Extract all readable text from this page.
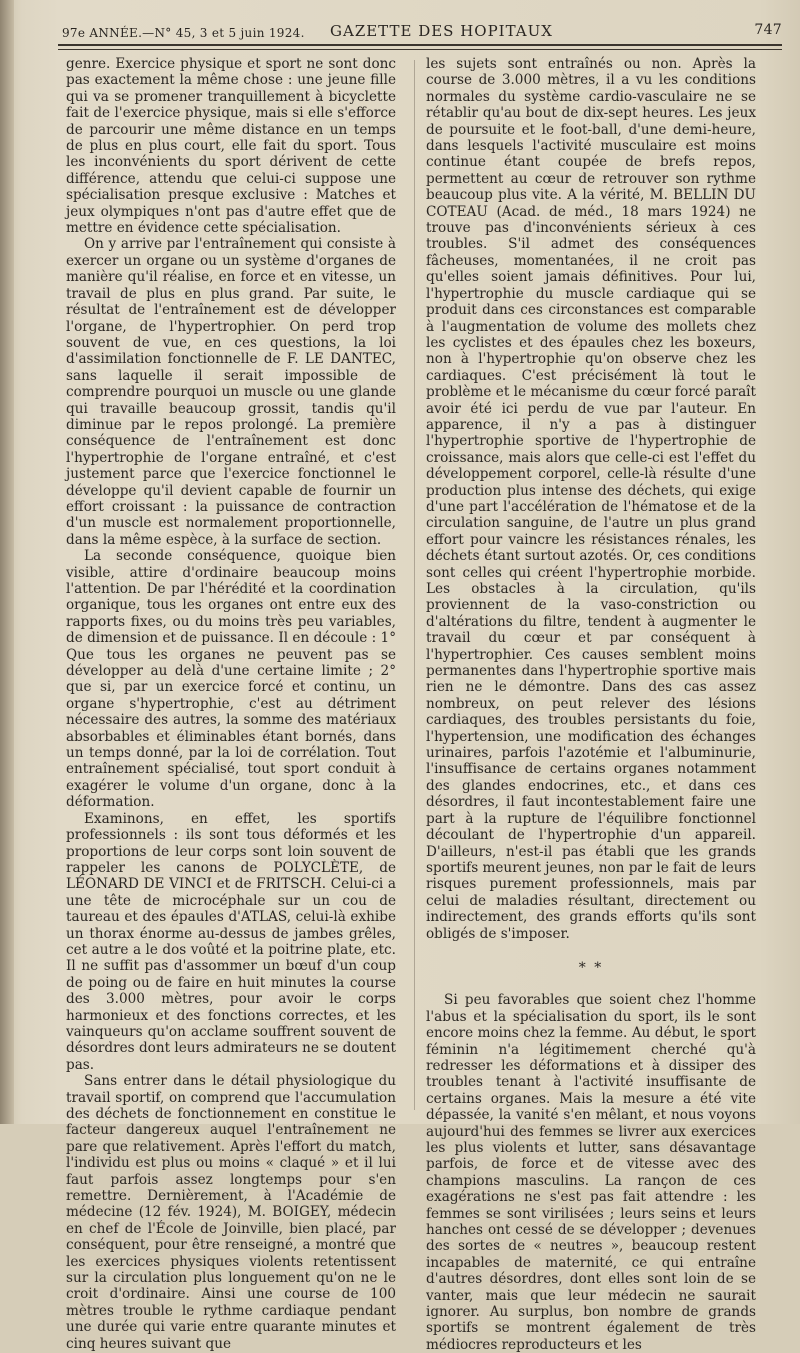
97e ANNÉE.—N° 45, 3 et 5 juin 1924. GAZETTE DES HOPITAUX	747

genre. Exercice physique et sport ne sont donc pas exactement la même chose : une jeune fille qui va se promener tranquillement à bicyclette fait de l'exercice physique, mais si elle s'efforce de parcourir une même distance en un temps de plus en plus court, elle fait du sport. Tous les inconvénients du sport dérivent de cette différence, attendu que celui-ci suppose une spécialisation presque exclusive : Matches et jeux olympiques n'ont pas d'autre effet que de mettre en évidence cette spécialisation.

On y arrive par l'entraînement qui consiste à exercer un organe ou un système d'organes de manière qu'il réalise, en force et en vitesse, un travail de plus en plus grand. Par suite, le résultat de l'entraînement est de développer l'organe, de l'hypertrophier. On perd trop souvent de vue, en ces questions, la loi d'assimilation fonctionnelle de F. LE DANTEC, sans laquelle il serait impossible de comprendre pourquoi un muscle ou une glande qui travaille beaucoup grossit, tandis qu'il diminue par le repos prolongé. La première conséquence de l'entraînement est donc l'hypertrophie de l'organe entraîné, et c'est justement parce que l'exercice fonctionnel le développe qu'il devient capable de fournir un effort croissant : la puissance de contraction d'un muscle est normalement proportionnelle, dans la même espèce, à la surface de section.

La seconde conséquence, quoique bien visible, attire d'ordinaire beaucoup moins l'attention. De par l'hérédité et la coordination organique, tous les organes ont entre eux des rapports fixes, ou du moins très peu variables, de dimension et de puissance. Il en découle : 1° Que tous les organes ne peuvent pas se développer au delà d'une certaine limite ; 2° que si, par un exercice forcé et continu, un organe s'hypertrophie, c'est au détriment nécessaire des autres, la somme des matériaux absorbables et éliminables étant bornés, dans un temps donné, par la loi de corrélation. Tout entraînement spécialisé, tout sport conduit à exagérer le volume d'un organe, donc à la déformation.

Examinons, en effet, les sportifs professionnels : ils sont tous déformés et les proportions de leur corps sont loin souvent de rappeler les canons de POLYCLÈTE, de LÉONARD DE VINCI et de FRITSCH. Celui-ci a une tête de microcéphale sur un cou de taureau et des épaules d'ATLAS, celui-là exhibe un thorax énorme au-dessus de jambes grêles, cet autre a le dos voûté et la poitrine plate, etc. Il ne suffit pas d'assommer un bœuf d'un coup de poing ou de faire en huit minutes la course des 3.000 mètres, pour avoir le corps harmonieux et des fonctions correctes, et les vainqueurs qu'on acclame souffrent souvent de désordres dont leurs admirateurs ne se doutent pas.

Sans entrer dans le détail physiologique du travail sportif, on comprend que l'accumulation des déchets de fonctionnement en constitue le facteur dangereux auquel l'entraînement ne pare que relativement. Après l'effort du match, l'individu est plus ou moins « claqué » et il lui faut parfois assez longtemps pour s'en remettre. Dernièrement, à l'Académie de médecine (12 fév. 1924), M. BOIGEY, médecin en chef de l'École de Joinville, bien placé, par conséquent, pour être renseigné, a montré que les exercices physiques violents retentissent sur la circulation plus longuement qu'on ne le croit d'ordinaire. Ainsi une course de 100 mètres trouble le rythme cardiaque pendant une durée qui varie entre quarante minutes et cinq heures suivant que

les sujets sont entraînés ou non. Après la course de 3.000 mètres, il a vu les conditions normales du système cardio-vasculaire ne se rétablir qu'au bout de dix-sept heures. Les jeux de poursuite et le foot-ball, d'une demi-heure, dans lesquels l'activité musculaire est moins continue étant coupée de brefs repos, permettent au cœur de retrouver son rythme beaucoup plus vite. A la vérité, M. BELLIN DU COTEAU (Acad. de méd., 18 mars 1924) ne trouve pas d'inconvénients sérieux à ces troubles. S'il admet des conséquences fâcheuses, momentanées, il ne croit pas qu'elles soient jamais définitives. Pour lui, l'hypertrophie du muscle cardiaque qui se produit dans ces circonstances est comparable à l'augmentation de volume des mollets chez les cyclistes et des épaules chez les boxeurs, non à l'hypertrophie qu'on observe chez les cardiaques. C'est précisément là tout le problème et le mécanisme du cœur forcé paraît avoir été ici perdu de vue par l'auteur. En apparence, il n'y a pas à distinguer l'hypertrophie sportive de l'hypertrophie de croissance, mais alors que celle-ci est l'effet du développement corporel, celle-là résulte d'une production plus intense des déchets, qui exige d'une part l'accélération de l'hématose et de la circulation sanguine, de l'autre un plus grand effort pour vaincre les résistances rénales, les déchets étant surtout azotés. Or, ces conditions sont celles qui créent l'hypertrophie morbide. Les obstacles à la circulation, qu'ils proviennent de la vaso-constriction ou d'altérations du filtre, tendent à augmenter le travail du cœur et par conséquent à l'hypertrophier. Ces causes semblent moins permanentes dans l'hypertrophie sportive mais rien ne le démontre. Dans des cas assez nombreux, on peut relever des lésions cardiaques, des troubles persistants du foie, l'hypertension, une modification des échanges urinaires, parfois l'azotémie et l'albuminurie, l'insuffisance de certains organes notamment des glandes endocrines, etc., et dans ces désordres, il faut incontestablement faire une part à la rupture de l'équilibre fonctionnel découlant de l'hypertrophie d'un appareil. D'ailleurs, n'est-il pas établi que les grands sportifs meurent jeunes, non par le fait de leurs risques purement professionnels, mais par celui de maladies résultant, directement ou indirectement, des grands efforts qu'ils sont obligés de s'imposer.

* *

Si peu favorables que soient chez l'homme l'abus et la spécialisation du sport, ils le sont encore moins chez la femme. Au début, le sport féminin n'a légitimement cherché qu'à redresser les déformations et à dissiper des troubles tenant à l'activité insuffisante de certains organes. Mais la mesure a été vite dépassée, la vanité s'en mêlant, et nous voyons aujourd'hui des femmes se livrer aux exercices les plus violents et lutter, sans désavantage parfois, de force et de vitesse avec des champions masculins. La rançon de ces exagérations ne s'est pas fait attendre : les femmes se sont virilisées ; leurs seins et leurs hanches ont cessé de se développer ; devenues des sortes de « neutres », beaucoup restent incapables de maternité, ce qui entraîne d'autres désordres, dont elles sont loin de se vanter, mais que leur médecin ne saurait ignorer. Au surplus, bon nombre de grands sportifs se montrent également de très médiocres reproducteurs et les
